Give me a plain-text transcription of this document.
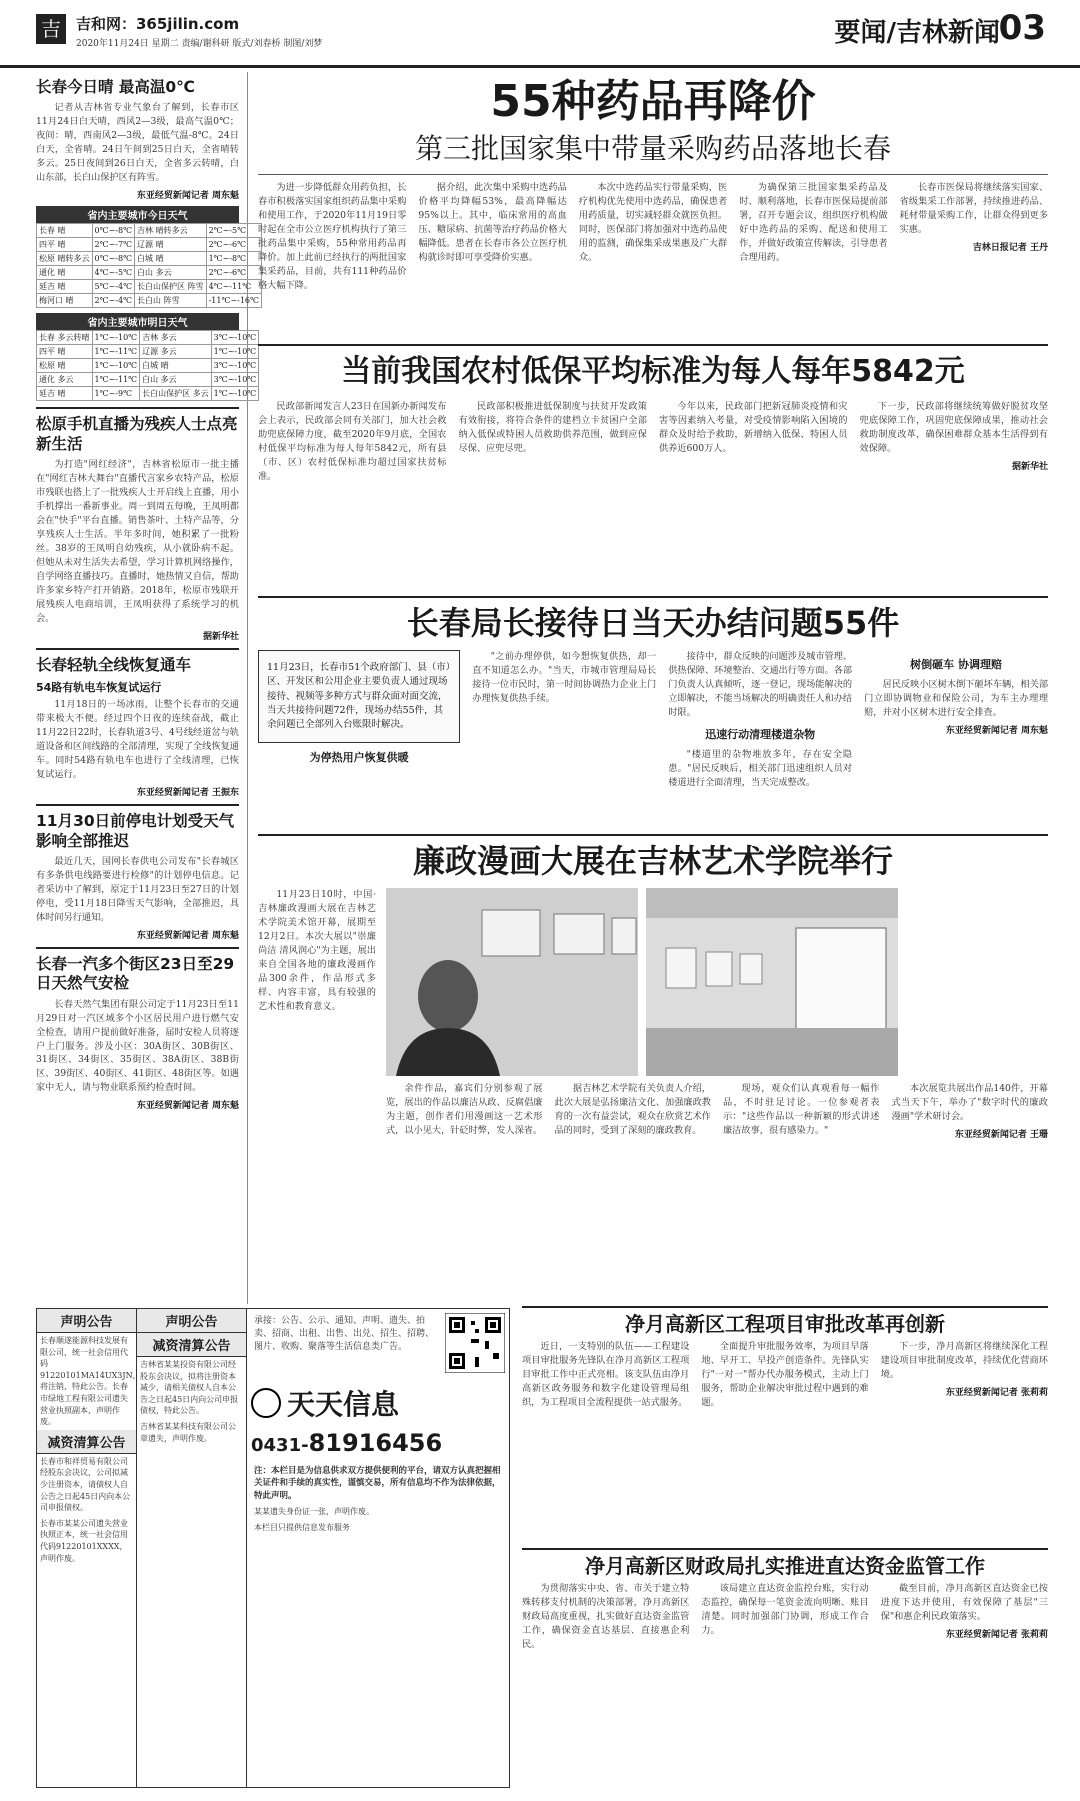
吉	吉和网：365jilin.com
2020年11月24日 星期二 责编/谢科研 版式/刘春桥 制图/刘梦	要闻/吉林新闻
03
长春今日晴 最高温0℃

记者从吉林省专业气象台了解到，长春市区11月24日白天晴，西风2—3级，最高气温0℃；夜间：晴，西南风2—3级，最低气温-8℃。24日白天，全省晴。24日午间到25日白天，全省晴转多云。25日夜间到26日白天，全省多云转晴，白山东部，长白山保护区有阵雪。

东亚经贸新闻记者 周东魁

省内主要城市今日天气
长春 晴	0℃~-8℃	吉林 晴转多云	2℃~-5℃
四平 晴	2℃~-7℃	辽源 晴	2℃~-6℃
松原 晴转多云	0℃~-8℃	白城 晴	1℃~-8℃
通化 晴	4℃~-5℃	白山 多云	2℃~-6℃
延吉 晴	5℃~-4℃	长白山保护区 阵雪	4℃~-11℃
梅河口 晴	2℃~-4℃	长白山 阵雪	-11℃~-16℃
省内主要城市明日天气
长春 多云转晴	1℃~-10℃	吉林 多云	3℃~-10℃
四平 晴	1℃~-11℃	辽源 多云	1℃~-10℃
松原 晴	1℃~-10℃	白城 晴	3℃~-10℃
通化 多云	1℃~-11℃	白山 多云	3℃~-10℃
延吉 晴	1℃~-9℃	长白山保护区 多云	1℃~-10℃
松原手机直播为残疾人士点亮新生活

为打造"网红经济"，吉林省松原市一批主播在"网红吉林大舞台"直播代言家乡农特产品，松原市残联也搭上了一批残疾人士开启线上直播，用小手机撑出一番新事业。周一到周五每晚，王凤明都会在"快手"平台直播。销售茶叶、土特产品等，分享残疾人士生活。半年多时间，她积累了一批粉丝。38岁的王凤明自幼残疾，从小就卧病不起。但她从未对生活失去希望，学习计算机网络操作，自学网络直播技巧。直播时，她热情又自信，帮助许多家乡特产打开销路。2018年，松原市残联开展残疾人电商培训，王凤明获得了系统学习的机会。

据新华社

长春轻轨全线恢复通车
54路有轨电车恢复试运行

11月18日的一场冰雨，让整个长春市的交通带来极大不便。经过四个日夜的连续奋战，截止11月22日22时，长春轨道3号、4号线经道岔与轨道设备和区间线路的全部清理，实现了全线恢复通车。同时54路有轨电车也进行了全线清理，已恢复试运行。

东亚经贸新闻记者 王振东

11月30日前停电计划受天气影响全部推迟

最近几天，国网长春供电公司发布"长春城区有多条供电线路要进行检修"的计划停电信息。记者采访中了解到，原定于11月23日至27日的计划停电，受11月18日降雪天气影响，全部推迟，具体时间另行通知。

东亚经贸新闻记者 周东魁

长春一汽多个街区23日至29日天然气安检

长春天然气集团有限公司定于11月23日至11月29日对一汽区域多个小区居民用户进行燃气安全检查，请用户提前做好准备，届时安检人员将逐户上门服务。涉及小区：30A街区、30B街区、31街区、34街区、35街区、38A街区、38B街区、39街区、40街区、41街区、48街区等。如遇家中无人，请与物业联系预约检查时间。

东亚经贸新闻记者 周东魁

55种药品再降价
第三批国家集中带量采购药品落地长春

为进一步降低群众用药负担，长春市积极落实国家组织药品集中采购和使用工作，于2020年11月19日零时起在全市公立医疗机构执行了第三批药品集中采购，55种常用药品再降价。加上此前已经执行的两批国家集采药品，目前，共有111种药品价格大幅下降。

据介绍，此次集中采购中选药品价格平均降幅53%，最高降幅达95%以上。其中，临床常用的高血压、糖尿病、抗菌等治疗药品价格大幅降低。患者在长春市各公立医疗机构就诊时即可享受降价实惠。

本次中选药品实行带量采购，医疗机构优先使用中选药品，确保患者用药质量，切实减轻群众就医负担。同时，医保部门将加强对中选药品使用的监测，确保集采成果惠及广大群众。

为确保第三批国家集采药品及时、顺利落地，长春市医保局提前部署，召开专题会议，组织医疗机构做好中选药品的采购、配送和使用工作，并做好政策宣传解读，引导患者合理用药。

长春市医保局将继续落实国家、省级集采工作部署，持续推进药品、耗材带量采购工作，让群众得到更多实惠。

吉林日报记者 王丹

当前我国农村低保平均标准为每人每年5842元

民政部新闻发言人23日在国新办新闻发布会上表示，民政部会同有关部门，加大社会救助兜底保障力度，截至2020年9月底，全国农村低保平均标准为每人每年5842元，所有县（市、区）农村低保标准均超过国家扶贫标准。

民政部积极推进低保制度与扶贫开发政策有效衔接，将符合条件的建档立卡贫困户全部纳入低保或特困人员救助供养范围，做到应保尽保、应兜尽兜。

今年以来，民政部门把新冠肺炎疫情和灾害等因素纳入考量，对受疫情影响陷入困境的群众及时给予救助，新增纳入低保、特困人员供养近600万人。

下一步，民政部将继续统筹做好脱贫攻坚兜底保障工作，巩固兜底保障成果，推动社会救助制度改革，确保困难群众基本生活得到有效保障。

据新华社

长春局长接待日当天办结问题55件
11月23日，长春市51个政府部门、县（市）区、开发区和公用企业主要负责人通过现场接待、视频等多种方式与群众面对面交流，当天共接待问题72件，现场办结55件，其余问题已全部列入台账限时解决。
为停热用户恢复供暖

"之前办理停供，如今想恢复供热，却一直不知道怎么办。"当天，市城市管理局局长接待一位市民时，第一时间协调热力企业上门办理恢复供热手续。

接待中，群众反映的问题涉及城市管理、供热保障、环境整治、交通出行等方面。各部门负责人认真倾听，逐一登记，现场能解决的立即解决，不能当场解决的明确责任人和办结时限。

迅速行动清理楼道杂物

"楼道里的杂物堆放多年，存在安全隐患。"居民反映后，相关部门迅速组织人员对楼道进行全面清理，当天完成整改。

树倒砸车 协调理赔

居民反映小区树木倒下砸坏车辆，相关部门立即协调物业和保险公司，为车主办理理赔，并对小区树木进行安全排查。

东亚经贸新闻记者 周东魁

廉政漫画大展在吉林艺术学院举行

11月23日10时，中国·吉林廉政漫画大展在吉林艺术学院美术馆开幕，展期至12月2日。本次大展以"崇廉尚洁 清风润心"为主题，展出来自全国各地的廉政漫画作品300余件，作品形式多样、内容丰富，具有较强的艺术性和教育意义。

余件作品，嘉宾们分别参观了展览，展出的作品以廉洁从政、反腐倡廉为主题，创作者们用漫画这一艺术形式，以小见大，针砭时弊，发人深省。

据吉林艺术学院有关负责人介绍，此次大展是弘扬廉洁文化、加强廉政教育的一次有益尝试，观众在欣赏艺术作品的同时，受到了深刻的廉政教育。

现场，观众们认真观看每一幅作品，不时驻足讨论。一位参观者表示："这些作品以一种新颖的形式讲述廉洁故事，很有感染力。"

本次展览共展出作品140件，开幕式当天下午，举办了"数字时代的廉政漫画"学术研讨会。

东亚经贸新闻记者 王珊

净月高新区工程项目审批改革再创新

近日，一支特别的队伍——工程建设项目审批服务先锋队在净月高新区工程项目审批工作中正式亮相。该支队伍由净月高新区政务服务和数字化建设管理局组织，为工程项目全流程提供一站式服务。

全面提升审批服务效率，为项目早落地、早开工、早投产创造条件。先锋队实行"一对一"帮办代办服务模式，主动上门服务，帮助企业解决审批过程中遇到的难题。

下一步，净月高新区将继续深化工程建设项目审批制度改革，持续优化营商环境。

东亚经贸新闻记者 张莉莉

净月高新区财政局扎实推进直达资金监管工作

为贯彻落实中央、省、市关于建立特殊转移支付机制的决策部署，净月高新区财政局高度重视，扎实做好直达资金监管工作，确保资金直达基层、直接惠企利民。

该局建立直达资金监控台账，实行动态监控，确保每一笔资金流向明晰、账目清楚。同时加强部门协调，形成工作合力。

截至目前，净月高新区直达资金已按进度下达并使用，有效保障了基层"三保"和惠企利民政策落实。

东亚经贸新闻记者 张莉莉

声明公告

长春顺遂能源科技发展有限公司，统一社会信用代码91220101MA14UX3JN，将注销，特此公告。长春市绿地工程有限公司遗失营业执照副本，声明作废。

减资清算公告

长春市和祥贸易有限公司经股东会决议，公司拟减少注册资本，请债权人自公告之日起45日内向本公司申报债权。

长春市某某公司遗失营业执照正本，统一社会信用代码91220101XXXX，声明作废。

声明公告
减资清算公告

吉林省某某投资有限公司经股东会决议，拟将注册资本减少，请相关债权人自本公告之日起45日内向公司申报债权，特此公告。

吉林省某某科技有限公司公章遗失，声明作废。

承接：公告、公示、通知、声明、遗失、拍卖、招商、出租、出售、出兑、招生、招聘、图片、收购、聚落等生活信息类广告。

天天信息
0431-81916456

注：本栏目是为信息供求双方提供便利的平台，请双方认真把握相关证件和手续的真实性，谨慎交易，所有信息均不作为法律依据，特此声明。

某某遗失身份证一张，声明作废。

本栏目只提供信息发布服务
